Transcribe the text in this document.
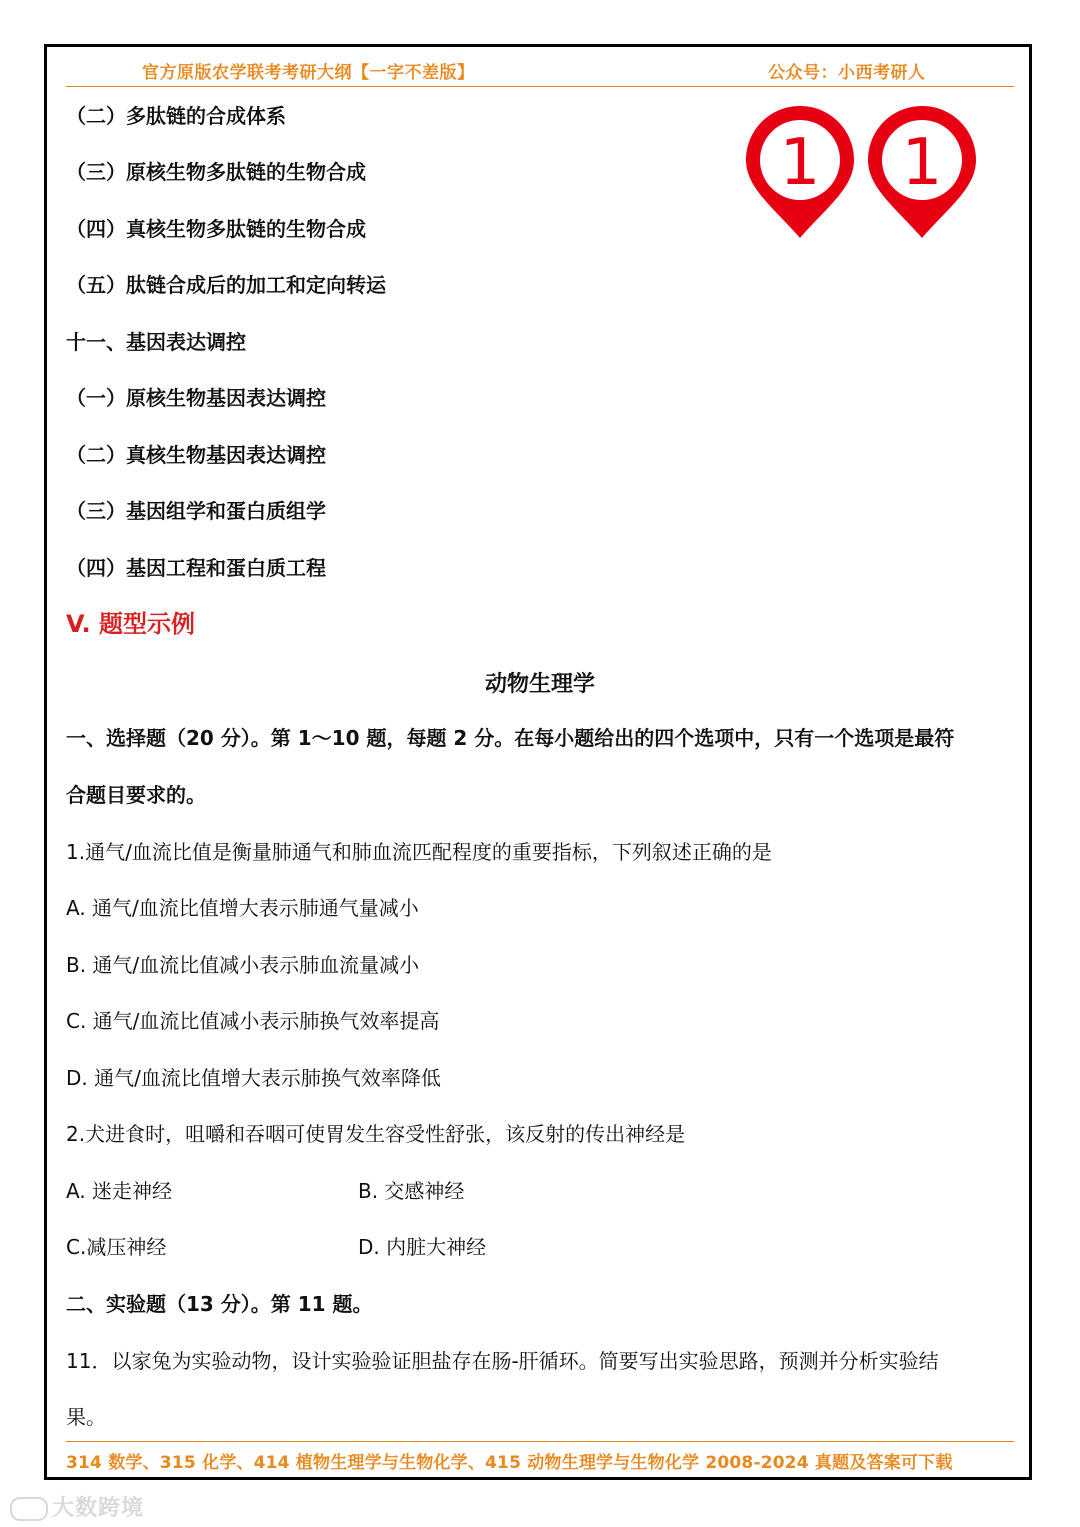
官方原版农学联考考研大纲【一字不差版】	公众号：小西考研人
1 1
（二）多肽链的合成体系
（三）原核生物多肽链的生物合成
（四）真核生物多肽链的生物合成
（五）肽链合成后的加工和定向转运
十一、基因表达调控
（一）原核生物基因表达调控
（二）真核生物基因表达调控
（三）基因组学和蛋白质组学
（四）基因工程和蛋白质工程
V. 题型示例
动物生理学
一、选择题（20 分）。第 1～10 题，每题 2 分。在每小题给出的四个选项中，只有一个选项是最符
合题目要求的。
1.通气/血流比值是衡量肺通气和肺血流匹配程度的重要指标，下列叙述正确的是
A. 通气/血流比值增大表示肺通气量减小
B. 通气/血流比值减小表示肺血流量减小
C. 通气/血流比值减小表示肺换气效率提高
D. 通气/血流比值增大表示肺换气效率降低
2.犬进食时，咀嚼和吞咽可使胃发生容受性舒张，该反射的传出神经是
A. 迷走神经	B. 交感神经
C.减压神经	D. 内脏大神经
二、实验题（13 分）。第 11 题。
11．以家兔为实验动物，设计实验验证胆盐存在肠-肝循环。简要写出实验思路，预测并分析实验结
果。
314 数学、315 化学、414 植物生理学与生物化学、415 动物生理学与生物化学 2008-2024 真题及答案可下载
大数跨境
